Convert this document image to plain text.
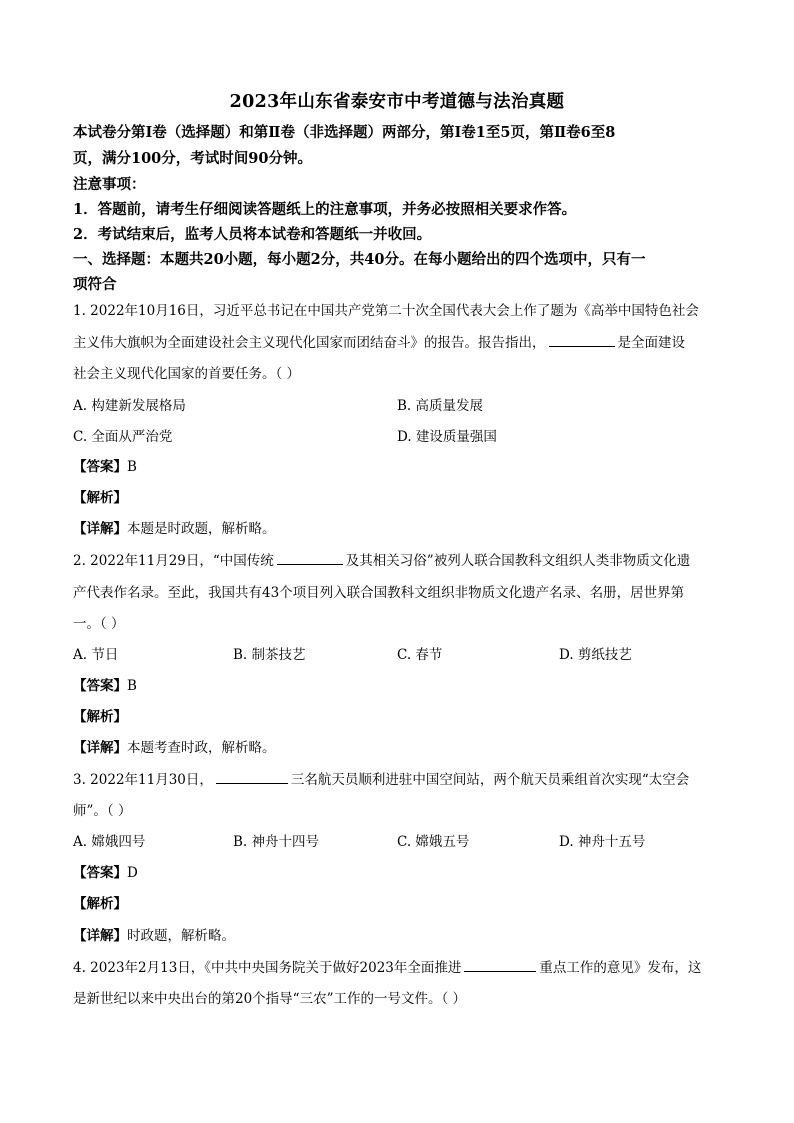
2023年山东省泰安市中考道德与法治真题
本试卷分第Ⅰ卷（选择题）和第Ⅱ卷（非选择题）两部分，第Ⅰ卷1至5页，第Ⅱ卷6至8
页，满分100分，考试时间90分钟。
注意事项：
1．答题前，请考生仔细阅读答题纸上的注意事项，并务必按照相关要求作答。
2．考试结束后，监考人员将本试卷和答题纸一并收回。
一、选择题：本题共20小题，每小题2分，共40分。在每小题给出的四个选项中，只有一
项符合
1. 2022年10月16日，习近平总书记在中国共产党第二十次全国代表大会上作了题为《高举中国特色社会
主义伟大旗帜为全面建设社会主义现代化国家而团结奋斗》的报告。报告指出，	是全面建设
社会主义现代化国家的首要任务。（ ）
A. 构建新发展格局	B. 高质量发展
C. 全面从严治党	D. 建设质量强国
【答案】B
【解析】
【详解】本题是时政题，解析略。
2. 2022年11月29日，“中国传统	及其相关习俗”被列人联合国教科文组织人类非物质文化遗
产代表作名录。至此，我国共有43个项目列入联合国教科文组织非物质文化遗产名录、名册，居世界第
一。（ ）
A. 节日	B. 制茶技艺	C. 春节	D. 剪纸技艺
【答案】B
【解析】
【详解】本题考查时政，解析略。
3. 2022年11月30日，	三名航天员顺利进驻中国空间站，两个航天员乘组首次实现“太空会
师”。（ ）
A. 嫦娥四号	B. 神舟十四号	C. 嫦娥五号	D. 神舟十五号
【答案】D
【解析】
【详解】时政题，解析略。
4. 2023年2月13日，《中共中央国务院关于做好2023年全面推进	重点工作的意见》发布，这
是新世纪以来中央出台的第20个指导“三农”工作的一号文件。（ ）
